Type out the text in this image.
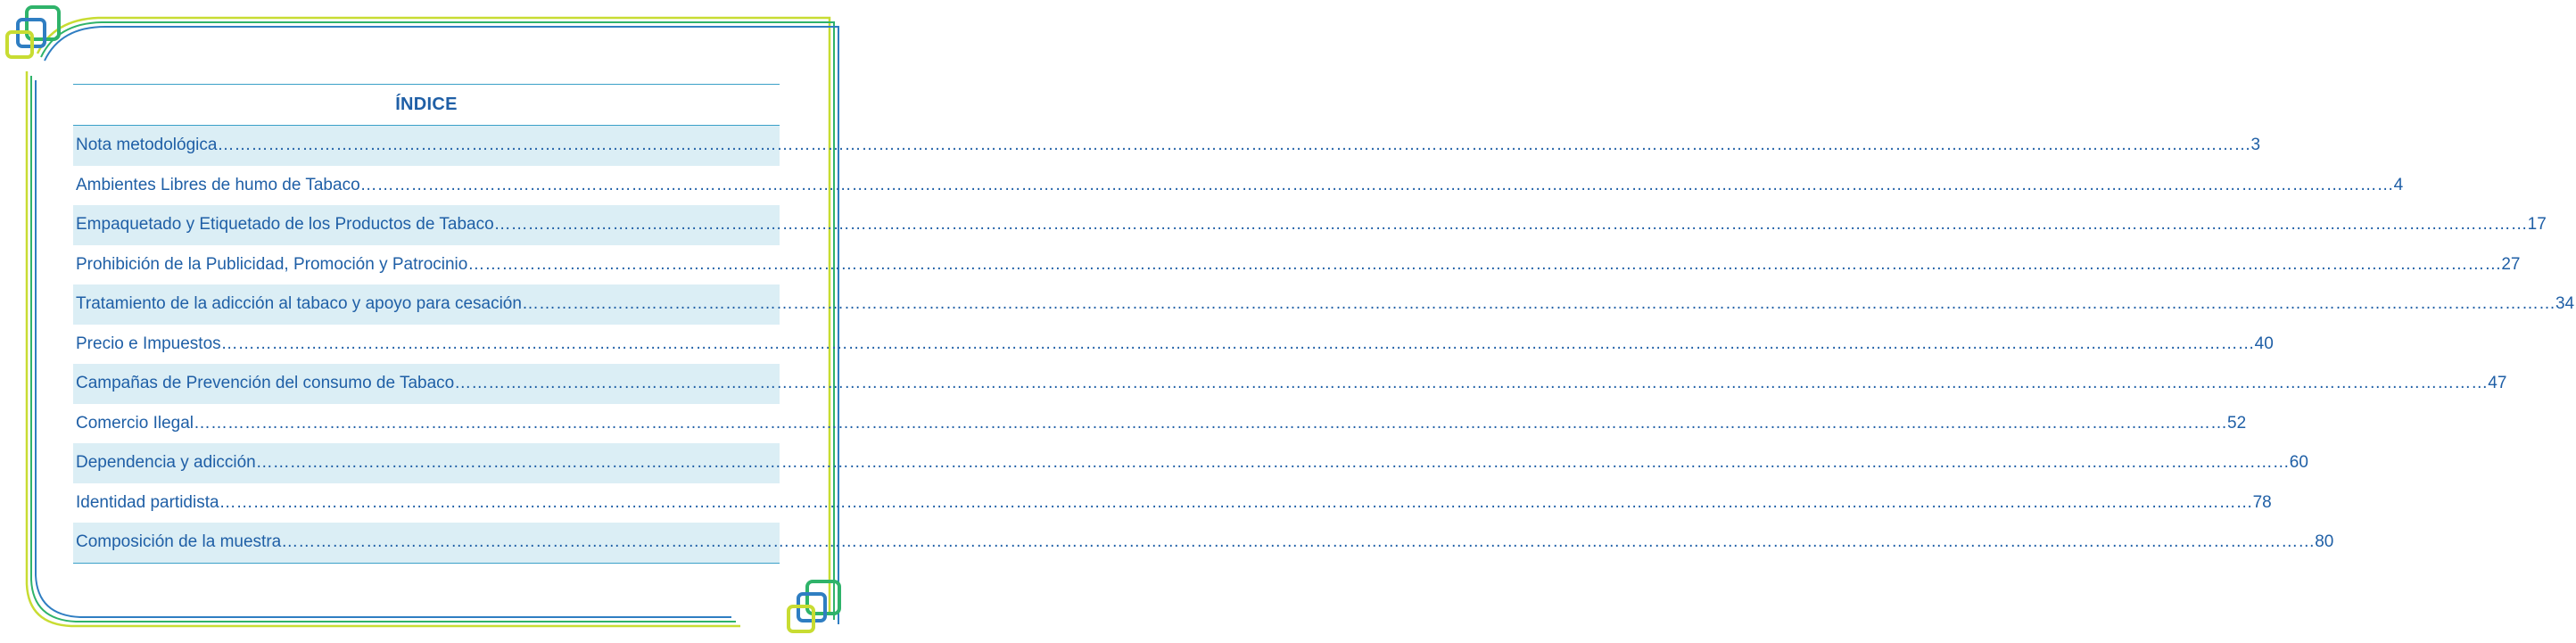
ÍNDICE
Nota metodológica……………………………………………………………………………………………………………………………………………………………………………………………………………………………………………………………………………………………………………………………… 3
Ambientes Libres de humo de Tabaco……………………………………………………………………………………………………………………………………………………………………………………………………………………………………………………………………………………………………………………………… 4
Empaquetado y Etiquetado de los Productos de Tabaco……………………………………………………………………………………………………………………………………………………………………………………………………………………………………………………………………………………………………………………………… 17
Prohibición de la Publicidad, Promoción y Patrocinio……………………………………………………………………………………………………………………………………………………………………………………………………………………………………………………………………………………………………………………………… 27
Tratamiento de la adicción al tabaco y apoyo para cesación……………………………………………………………………………………………………………………………………………………………………………………………………………………………………………………………………………………………………………………………… 34
Precio e Impuestos……………………………………………………………………………………………………………………………………………………………………………………………………………………………………………………………………………………………………………………………… 40
Campañas de Prevención del consumo de Tabaco……………………………………………………………………………………………………………………………………………………………………………………………………………………………………………………………………………………………………………………………… 47
Comercio Ilegal……………………………………………………………………………………………………………………………………………………………………………………………………………………………………………………………………………………………………………………………… 52
Dependencia y adicción……………………………………………………………………………………………………………………………………………………………………………………………………………………………………………………………………………………………………………………………… 60
Identidad partidista……………………………………………………………………………………………………………………………………………………………………………………………………………………………………………………………………………………………………………………………… 78
Composición de la muestra……………………………………………………………………………………………………………………………………………………………………………………………………………………………………………………………………………………………………………………………… 80
